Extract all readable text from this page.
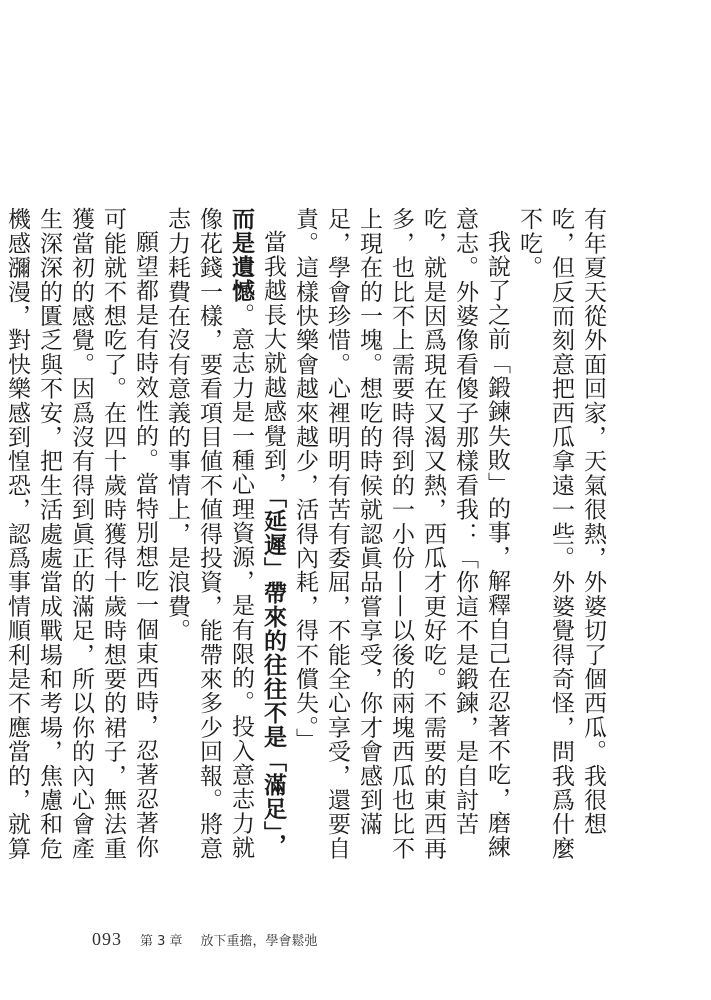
有年夏天從外面回家，天氣很熱，外婆切了個西瓜。我很想吃，但反而刻意把西瓜拿遠一些。外婆覺得奇怪，問我爲什麼不吃。

我說了之前「鍛鍊失敗」的事，解釋自己在忍著不吃，磨練意志。外婆像看傻子那樣看我：「你這不是鍛鍊，是自討苦吃，就是因爲現在又渴又熱，西瓜才更好吃。不需要的東西再多，也比不上需要時得到的一小份——以後的兩塊西瓜也比不上現在的一塊。想吃的時候就認眞品嘗享受，你才會感到滿足，學會珍惜。心裡明明有苦有委屈，不能全心享受，還要自責。這樣快樂會越來越少，活得內耗，得不償失。」

當我越長大就越感覺到，「延遲」帶來的往往不是「滿足」，而是遺憾。意志力是一種心理資源，是有限的。投入意志力就像花錢一樣，要看項目値不値得投資，能帶來多少回報。將意志力耗費在沒有意義的事情上，是浪費。

願望都是有時效性的。當特別想吃一個東西時，忍著忍著你可能就不想吃了。在四十歲時獲得十歲時想要的裙子，無法重獲當初的感覺。因爲沒有得到眞正的滿足，所以你的內心會產生深深的匱乏與不安，把生活處處當成戰場和考場，焦慮和危機感瀰漫，對快樂感到惶恐，認爲事情順利是不應當的，就算

093 第 3 章 放下重擔，學會鬆弛
